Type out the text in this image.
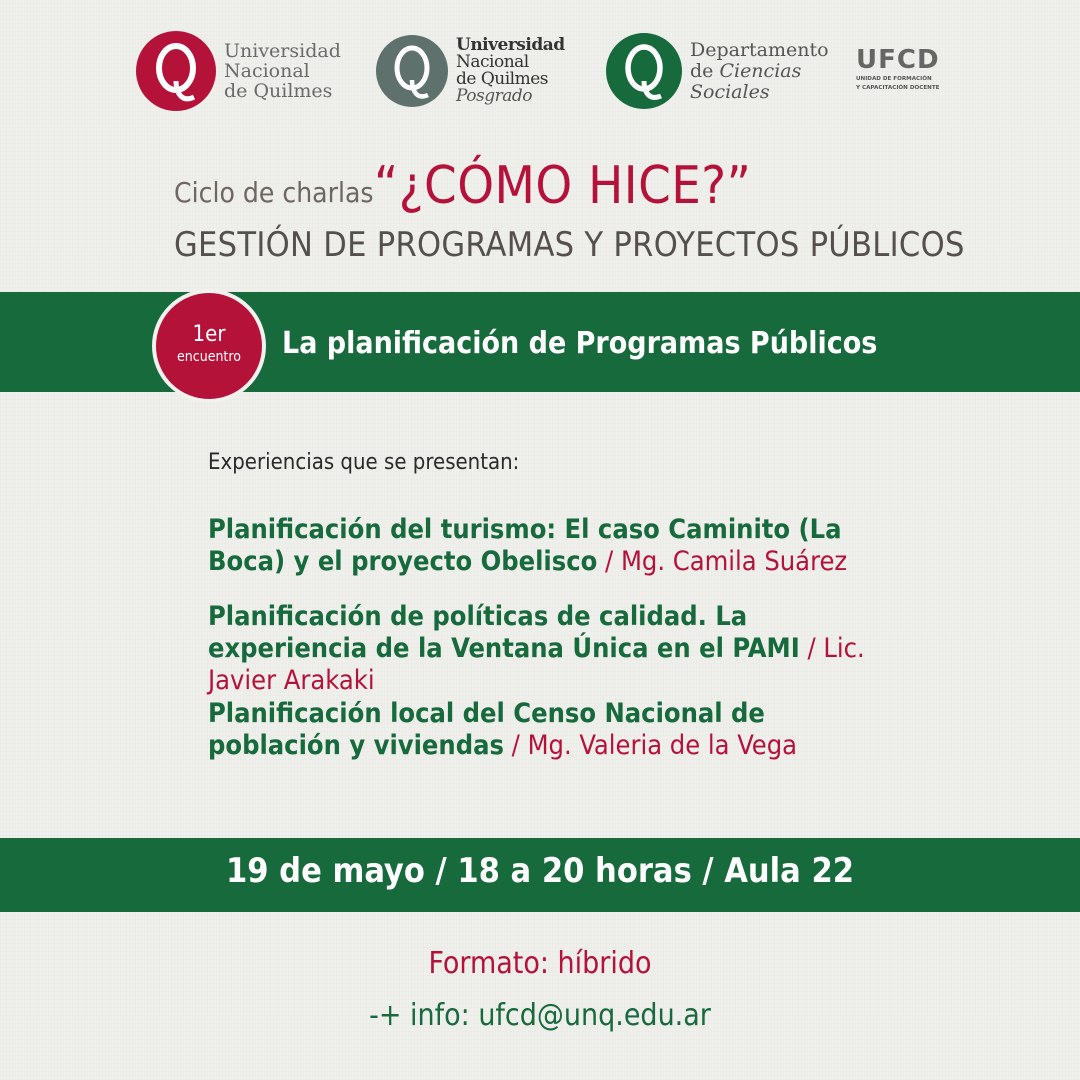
Universidad
Nacional
de Quilmes
Universidad
Nacional
de Quilmes
Posgrado
Departamento
de Ciencias
Sociales
UFCD
UNIDAD DE FORMACIÓN
Y CAPACITACIÓN DOCENTE
Ciclo de charlas “¿CÓMO HICE?”
GESTIÓN DE PROGRAMAS Y PROYECTOS PÚBLICOS
1er
encuentro	La planificación de Programas Públicos
Experiencias que se presentan:
Planificación del turismo: El caso Caminito (La Boca) y el proyecto Obelisco / Mg. Camila Suárez
Planificación de políticas de calidad. La experiencia de la Ventana Única en el PAMI / Lic. Javier Arakaki
Planificación local del Censo Nacional de población y viviendas / Mg. Valeria de la Vega
19 de mayo / 18 a 20 horas / Aula 22
Formato: híbrido
-+ info: ufcd@unq.edu.ar
